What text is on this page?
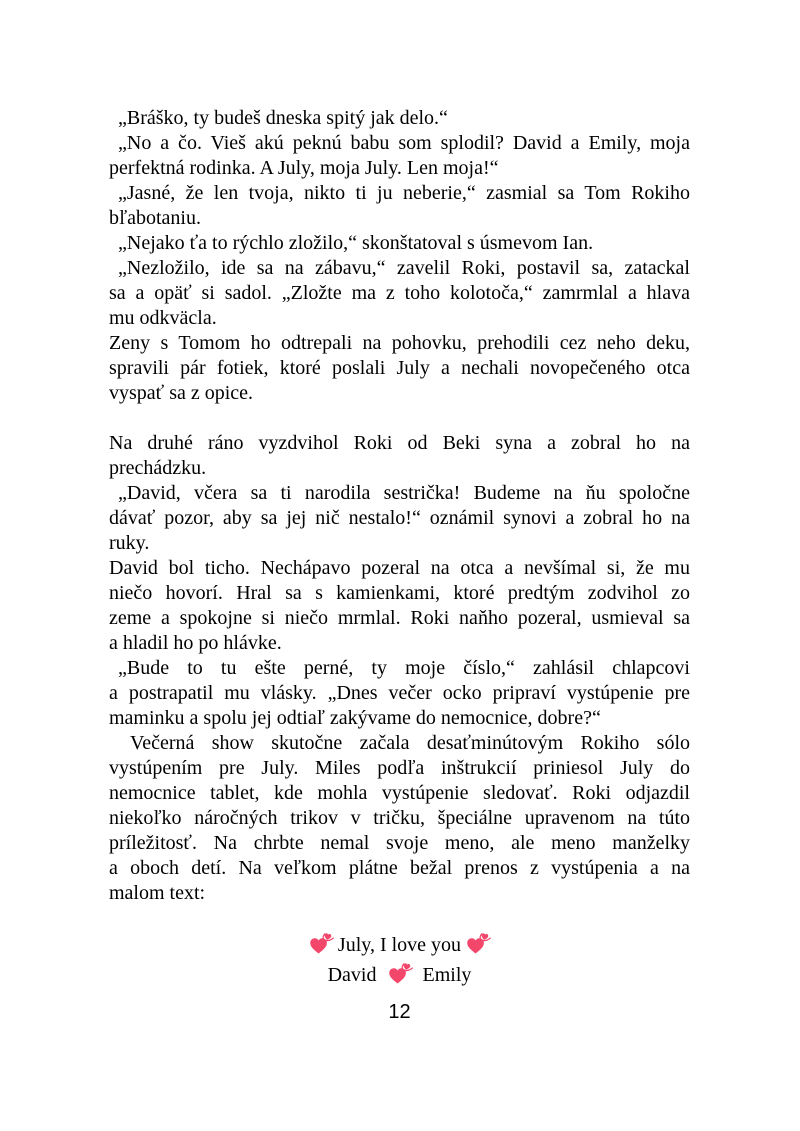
„Bráško, ty budeš dneska spitý jak delo.“
„No a čo. Vieš akú peknú babu som splodil? David a Emily, moja
perfektná rodinka. A July, moja July. Len moja!“
„Jasné, že len tvoja, nikto ti ju neberie,“ zasmial sa Tom Rokiho
bľabotaniu.
„Nejako ťa to rýchlo zložilo,“ skonštatoval s úsmevom Ian.
„Nezložilo, ide sa na zábavu,“ zavelil Roki, postavil sa, zatackal
sa a opäť si sadol. „Zložte ma z toho kolotoča,“ zamrmlal a hlava
mu odkväcla.
Zeny s Tomom ho odtrepali na pohovku, prehodili cez neho deku,
spravili pár fotiek, ktoré poslali July a nechali novopečeného otca
vyspať sa z opice.
Na druhé ráno vyzdvihol Roki od Beki syna a zobral ho na
prechádzku.
„David, včera sa ti narodila sestrička! Budeme na ňu spoločne
dávať pozor, aby sa jej nič nestalo!“ oznámil synovi a zobral ho na
ruky.
David bol ticho. Nechápavo pozeral na otca a nevšímal si, že mu
niečo hovorí. Hral sa s kamienkami, ktoré predtým zodvihol zo
zeme a spokojne si niečo mrmlal. Roki naňho pozeral, usmieval sa
a hladil ho po hlávke.
„Bude to tu ešte perné, ty moje číslo,“ zahlásil chlapcovi
a postrapatil mu vlásky. „Dnes večer ocko pripraví vystúpenie pre
maminku a spolu jej odtiaľ zakývame do nemocnice, dobre?“
Večerná show skutočne začala desaťminútovým Rokiho sólo
vystúpením pre July. Miles podľa inštrukcií priniesol July do
nemocnice tablet, kde mohla vystúpenie sledovať. Roki odjazdil
niekoľko náročných trikov v tričku, špeciálne upravenom na túto
príležitosť. Na chrbte nemal svoje meno, ale meno manželky
a oboch detí. Na veľkom plátne bežal prenos z vystúpenia a na
malom text:
July, I love you
David Emily
12
